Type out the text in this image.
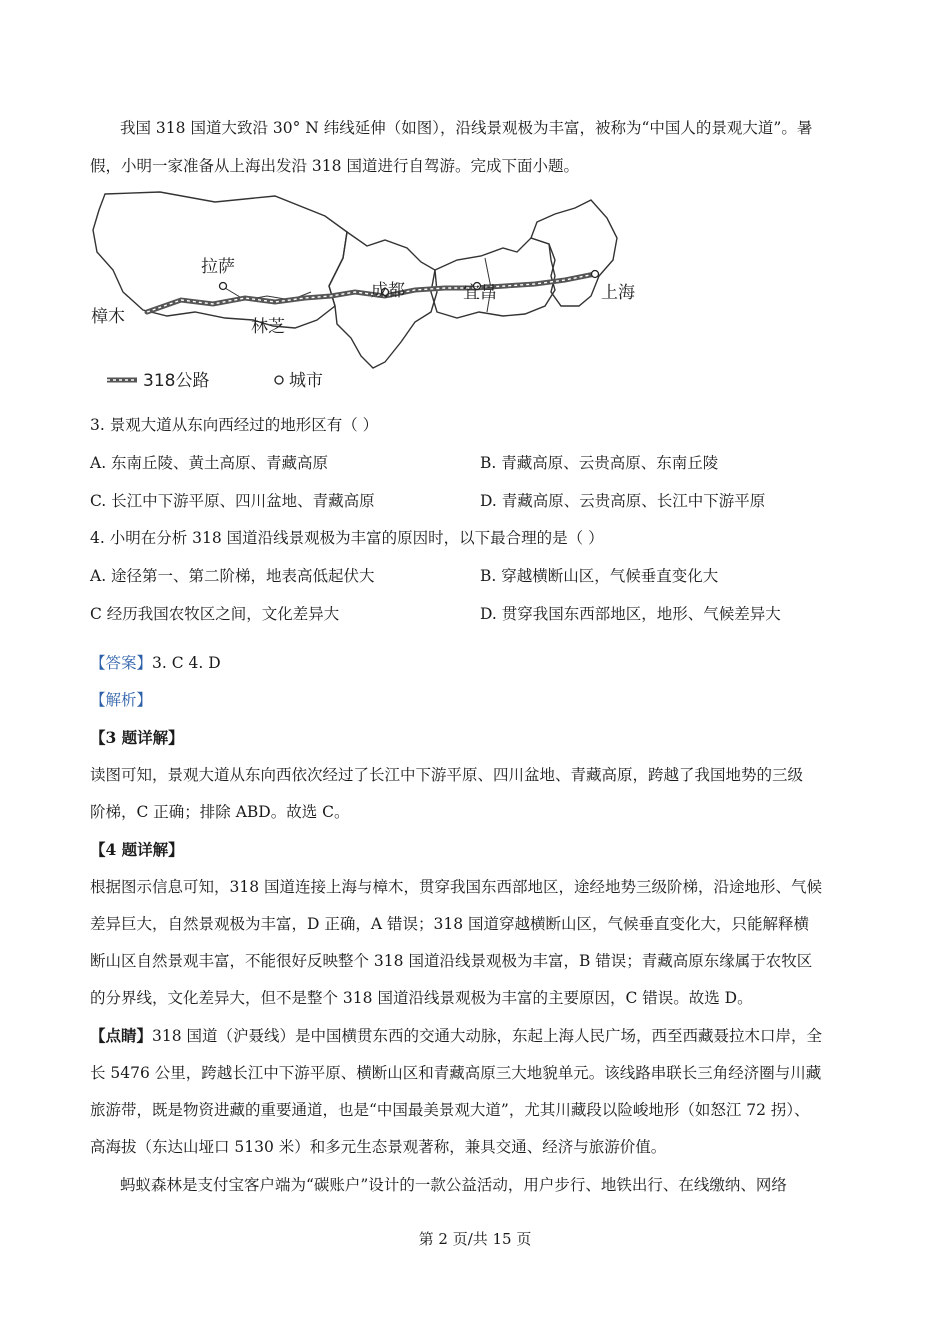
我国 318 国道大致沿 30° N 纬线延伸（如图），沿线景观极为丰富，被称为“中国人的景观大道”。暑
假，小明一家准备从上海出发沿 318 国道进行自驾游。完成下面小题。
拉萨
樟木	林芝
成都	宜昌	上海
318公路	城市
3. 景观大道从东向西经过的地形区有（ ）
A. 东南丘陵、黄土高原、青藏高原	B. 青藏高原、云贵高原、东南丘陵
C. 长江中下游平原、四川盆地、青藏高原	D. 青藏高原、云贵高原、长江中下游平原
4. 小明在分析 318 国道沿线景观极为丰富的原因时，以下最合理的是（ ）
A. 途径第一、第二阶梯，地表高低起伏大	B. 穿越横断山区，气候垂直变化大
C 经历我国农牧区之间，文化差异大	D. 贯穿我国东西部地区，地形、气候差异大
【答案】3. C 4. D
【解析】
【3 题详解】
读图可知，景观大道从东向西依次经过了长江中下游平原、四川盆地、青藏高原，跨越了我国地势的三级
阶梯，C 正确；排除 ABD。故选 C。
【4 题详解】
根据图示信息可知，318 国道连接上海与樟木，贯穿我国东西部地区，途经地势三级阶梯，沿途地形、气候
差异巨大，自然景观极为丰富，D 正确，A 错误；318 国道穿越横断山区，气候垂直变化大，只能解释横
断山区自然景观丰富，不能很好反映整个 318 国道沿线景观极为丰富，B 错误；青藏高原东缘属于农牧区
的分界线，文化差异大，但不是整个 318 国道沿线景观极为丰富的主要原因，C 错误。故选 D。
【点睛】318 国道（沪聂线）是中国横贯东西的交通大动脉，东起上海人民广场，西至西藏聂拉木口岸，全
长 5476 公里，跨越长江中下游平原、横断山区和青藏高原三大地貌单元。该线路串联长三角经济圈与川藏
旅游带，既是物资进藏的重要通道，也是“中国最美景观大道”，尤其川藏段以险峻地形（如怒江 72 拐）、
高海拔（东达山垭口 5130 米）和多元生态景观著称，兼具交通、经济与旅游价值。
蚂蚁森林是支付宝客户端为“碳账户”设计的一款公益活动，用户步行、地铁出行、在线缴纳、网络
第 2 页/共 15 页
